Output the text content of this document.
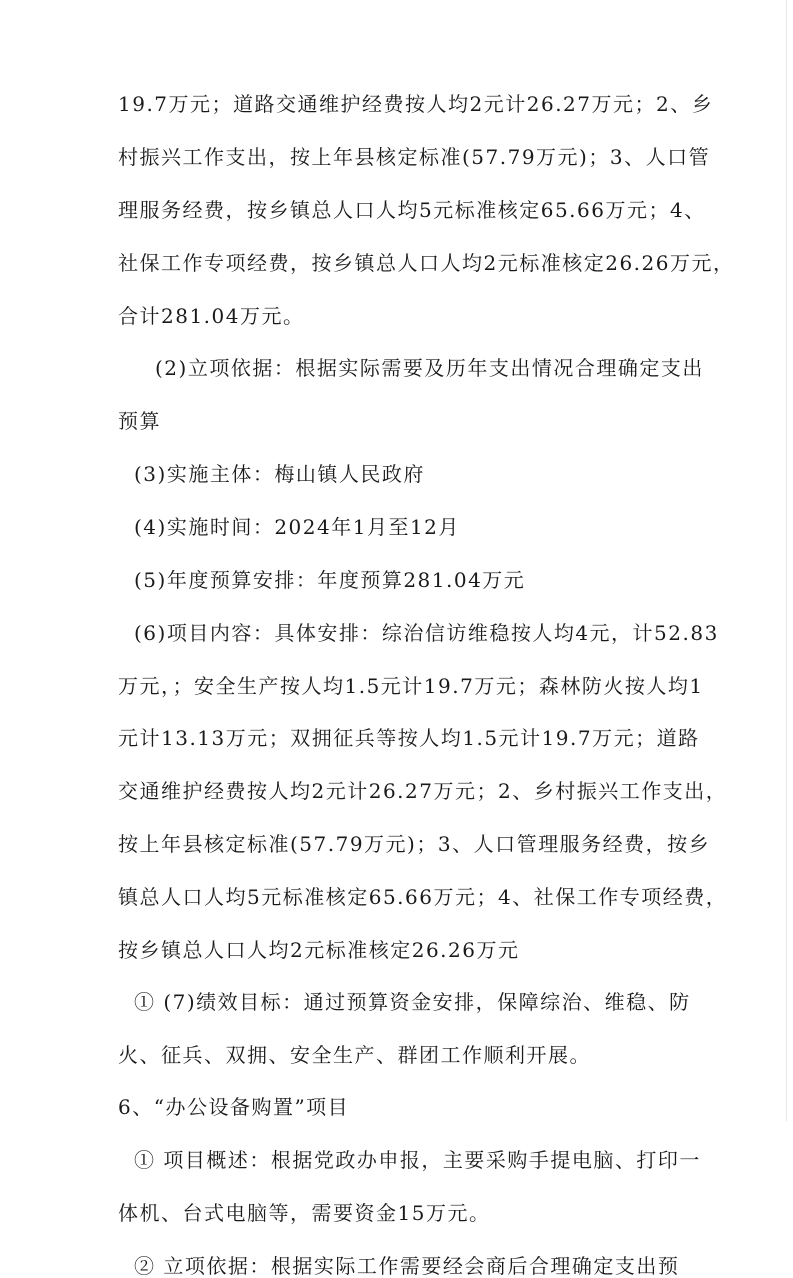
19.7万元；道路交通维护经费按人均2元计26.27万元；2、乡
村振兴工作支出，按上年县核定标准(57.79万元)；3、人口管
理服务经费，按乡镇总人口人均5元标准核定65.66万元；4、
社保工作专项经费，按乡镇总人口人均2元标准核定26.26万元，
合计281.04万元。
(2)立项依据：根据实际需要及历年支出情况合理确定支出
预算
(3)实施主体：梅山镇人民政府
(4)实施时间：2024年1月至12月
(5)年度预算安排：年度预算281.04万元
(6)项目内容：具体安排：综治信访维稳按人均4元，计52.83
万元，；安全生产按人均1.5元计19.7万元；森林防火按人均1
元计13.13万元；双拥征兵等按人均1.5元计19.7万元；道路
交通维护经费按人均2元计26.27万元；2、乡村振兴工作支出，
按上年县核定标准(57.79万元)；3、人口管理服务经费，按乡
镇总人口人均5元标准核定65.66万元；4、社保工作专项经费，
按乡镇总人口人均2元标准核定26.26万元
① (7)绩效目标：通过预算资金安排，保障综治、维稳、防
火、征兵、双拥、安全生产、群团工作顺利开展。
6、“办公设备购置”项目
① 项目概述：根据党政办申报，主要采购手提电脑、打印一
体机、台式电脑等，需要资金15万元。
② 立项依据：根据实际工作需要经会商后合理确定支出预
